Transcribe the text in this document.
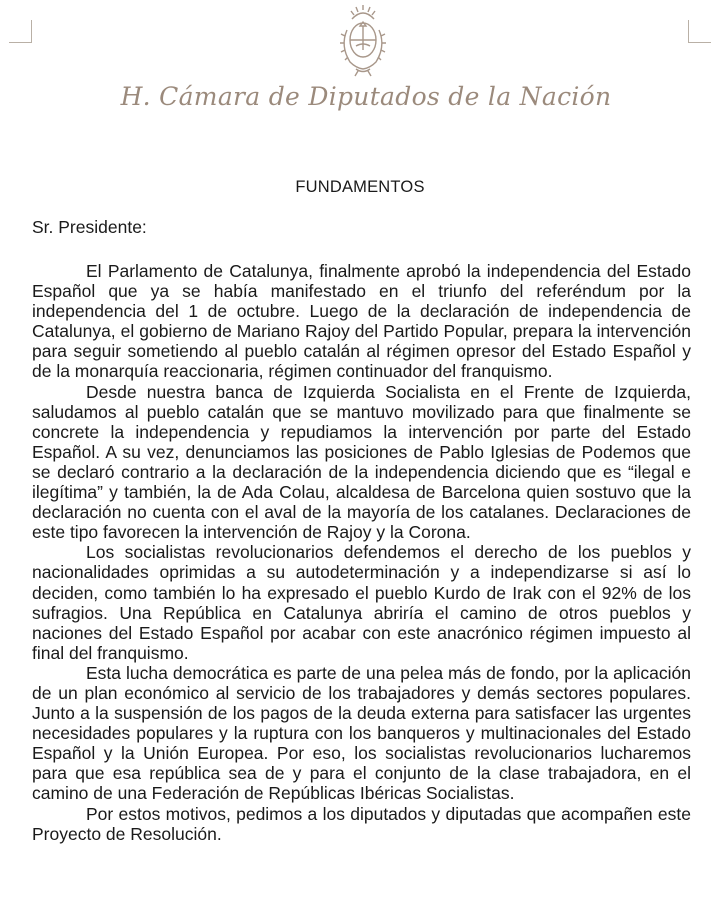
H. Cámara de Diputados de la Nación
FUNDAMENTOS
Sr. Presidente:

El Parlamento de Catalunya, finalmente aprobó la independencia del Estado Español que ya se había manifestado en el triunfo del referéndum por la independencia del 1 de octubre. Luego de la declaración de independencia de Catalunya, el gobierno de Mariano Rajoy del Partido Popular, prepara la intervención para seguir sometiendo al pueblo catalán al régimen opresor del Estado Español y de la monarquía reaccionaria, régimen continuador del franquismo.

Desde nuestra banca de Izquierda Socialista en el Frente de Izquierda, saludamos al pueblo catalán que se mantuvo movilizado para que finalmente se concrete la independencia y repudiamos la intervención por parte del Estado Español. A su vez, denunciamos las posiciones de Pablo Iglesias de Podemos que se declaró contrario a la declaración de la independencia diciendo que es “ilegal e ilegítima” y también, la de Ada Colau, alcaldesa de Barcelona quien sostuvo que la declaración no cuenta con el aval de la mayoría de los catalanes. Declaraciones de este tipo favorecen la intervención de Rajoy y la Corona.

Los socialistas revolucionarios defendemos el derecho de los pueblos y nacionalidades oprimidas a su autodeterminación y a independizarse si así lo deciden, como también lo ha expresado el pueblo Kurdo de Irak con el 92% de los sufragios. Una República en Catalunya abriría el camino de otros pueblos y naciones del Estado Español por acabar con este anacrónico régimen impuesto al final del franquismo.

Esta lucha democrática es parte de una pelea más de fondo, por la aplicación de un plan económico al servicio de los trabajadores y demás sectores populares. Junto a la suspensión de los pagos de la deuda externa para satisfacer las urgentes necesidades populares y la ruptura con los banqueros y multinacionales del Estado Español y la Unión Europea. Por eso, los socialistas revolucionarios lucharemos para que esa república sea de y para el conjunto de la clase trabajadora, en el camino de una Federación de Repúblicas Ibéricas Socialistas.

Por estos motivos, pedimos a los diputados y diputadas que acompañen este Proyecto de Resolución.
